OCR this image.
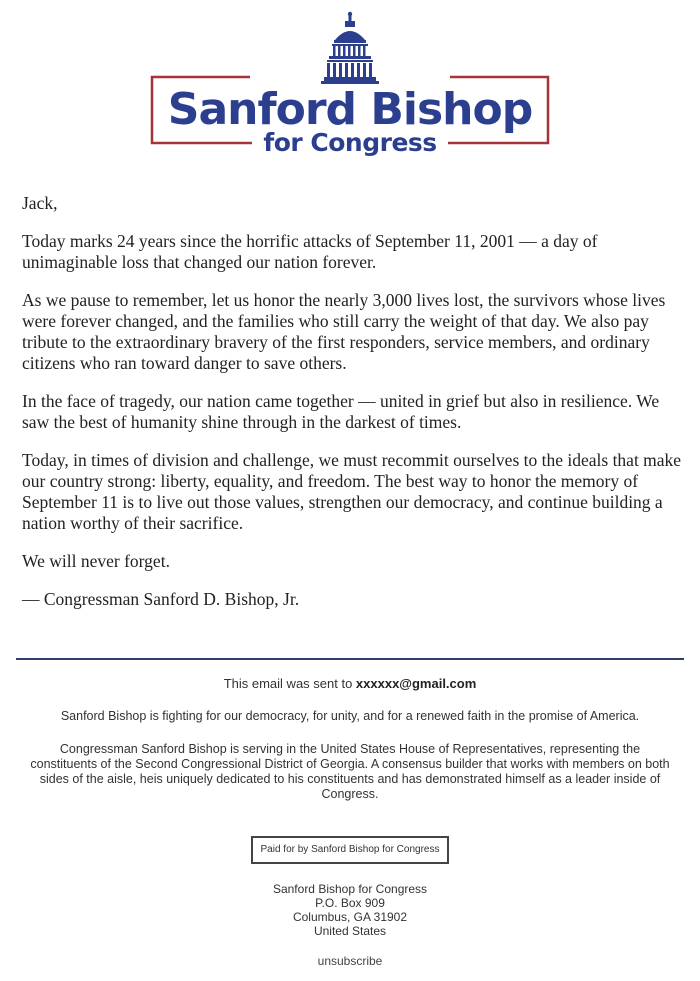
Sanford Bishop
for Congress

Jack,

Today marks 24 years since the horrific attacks of September 11, 2001 — a day of unimaginable loss that changed our nation forever.

As we pause to remember, let us honor the nearly 3,000 lives lost, the survivors whose lives were forever changed, and the families who still carry the weight of that day. We also pay tribute to the extraordinary bravery of the first responders, service members, and ordinary citizens who ran toward danger to save others.

In the face of tragedy, our nation came together — united in grief but also in resilience. We saw the best of humanity shine through in the darkest of times.

Today, in times of division and challenge, we must recommit ourselves to the ideals that make our country strong: liberty, equality, and freedom. The best way to honor the memory of September 11 is to live out those values, strengthen our democracy, and continue building a nation worthy of their sacrifice.

We will never forget.

— Congressman Sanford D. Bishop, Jr.

This email was sent to xxxxxx@gmail.com

Sanford Bishop is fighting for our democracy, for unity, and for a renewed faith in the promise of America.

Congressman Sanford Bishop is serving in the United States House of Representatives, representing the constituents of the Second Congressional District of Georgia. A consensus builder that works with members on both sides of the aisle, heis uniquely dedicated to his constituents and has demonstrated himself as a leader inside of Congress.

Paid for by Sanford Bishop for Congress
Sanford Bishop for Congress
P.O. Box 909
Columbus, GA 31902
United States
unsubscribe
